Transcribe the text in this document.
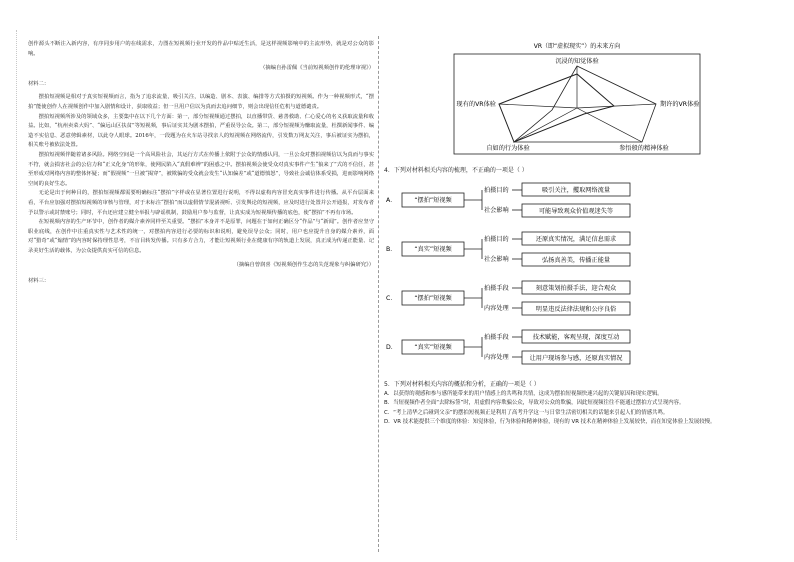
创作源头不断注入新内容，有序同步用户的在线需求，力图在短视频行业开发的作品中贴近生活，是这样视频影响中的主流形势，就是对公众的影响。

（摘编自孙雷佩《当前短视频创作的伦理审视》）

材料二：

摆拍短视频是相对于真实短视频而言，指为了追求流量，吸引关注，以编造、剧本、表演、编排等方式拍摄的短视频。作为一种视频形式，“摆拍”能使创作人在视频创作中加入剧情和设计，获取收益；但一旦用户信以为真而去追问细节，则会出现信任危机与道德谴责。

摆拍短视频所涉及的领域众多，主要集中在以下几个方面：第一，部分短视频通过摆拍，以直播带货、慈善救助、仁心爱心的名义获取流量和收益。比如，“杭州卖菜大妈”、“偏远山区扶贫”等短视频，事后证实其为剧本摆拍，严重误导公众。第二，部分短视频为赚取流量，杜撰新闻事件、编造不实信息、恶意剪辑素材，以此夺人眼球。2016年，一段题为在火车站寻找亲人的短视频在网络流传，引发数万网友关注，事后被证实为摆拍，相关账号被依法处置。

摆拍短视频伴随着诸多风险。网络空间是一个高风险社会，其运行方式在传播上依附于公众的情感认同，一旦公众对摆拍视频信以为真而与事实不符，就会损害社会的公信力和“正义化身”的形象，使网民陷入“真假难辨”的困惑之中。摆拍视频会使受众对真实事件产生“狼来了”式的不信任，甚至形成对网络内容的整体怀疑；而“假视频”一旦被“揭穿”，被欺骗的受众就会发生“认知偏差”或“道德愤怒”，导致社会诚信体系受损，进而影响网络空间的良好生态。

无论是出于何种目的，摆拍短视频都需要明确标注“摆拍”字样或在显著位置进行说明，不得以虚构内容冒充真实事件进行传播。从平台层面来看，平台应加强对摆拍短视频的审核与管理，对于未标注“摆拍”而以虚假情节混淆视听、引发舆论的短视频，应及时进行处置并公开通报，对发布者予以警示或封禁账号；同时，平台还应建立健全举报与辟谣机制，鼓励用户参与监督，让真实成为短视频传播的底色，使“摆拍”不再有市场。

在短视频内容的生产环节中，创作者的媒介素养同样至关重要。“摆拍”本身并不是原罪，问题在于如何正确区分“作品”与“新闻”。创作者应坚守职业底线，在创作中注重真实性与艺术性的统一，对摆拍内容进行必要的标识和说明，避免误导公众；同时，用户也应提升自身的媒介素养，面对“猎奇”或“煽情”的内容时保持理性思考，不盲目转发传播。只有多方合力，才能让短视频行业在健康有序的轨道上发展，真正成为传递正能量、记录美好生活的载体，为公众提供真实可信的信息。

（摘编自曾润喜《短视频创作生态的失范现象与纠偏研究》）

材料三：

VR（即“虚拟现实”）的未来方向
沉浸的知觉体验
现有的VR体验	期许的VR体验
自如的行为体验	参悟般的精神体验

4．下列对材料相关内容的梳理，不正确的一项是（ ）

A．	“摆拍”短视频
拍摄目的
社会影响
吸引关注，攫取网络流量
可能导致观众价值观迷失等
B．	“真实”短视频
拍摄目的
社会影响
还原真实情况，满足信息需求
弘扬真善美，传播正能量
C．	“摆拍”短视频
拍摄手段
内容处理
刻意策划拍摄手法，迎合观众
明显违反法律法规和公序良俗
D．	“真实”短视频
拍摄手段
内容处理
技术赋能，客观呈现，深度互动
让用户现场参与感，还原真实情况

5．下列对材料相关内容的概括和分析，正确的一项是（ ）

A．以获得的观感和参与感所能带来的用户情感上的共鸣和共情，这成为摆拍短视频快速兴起的关键原因和现实逻辑。

B．当短视频作者全面“去除标签”时，用虚假内容欺骗公众，导致对公众的欺骗，因此短视频往往不能通过摆拍方式呈现内容。

C．“考上清华之后碰到父亲”的摆拍短视频正是利用了高考升学这一与日常生活密切相关的话题来引起人们的情感共鸣。

D．VR 技术能提供三个维度的体验：知觉体验，行为体验和精神体验，现有的 VR 技术在精神体验上发展较快，而在知觉体验上发展较慢。
